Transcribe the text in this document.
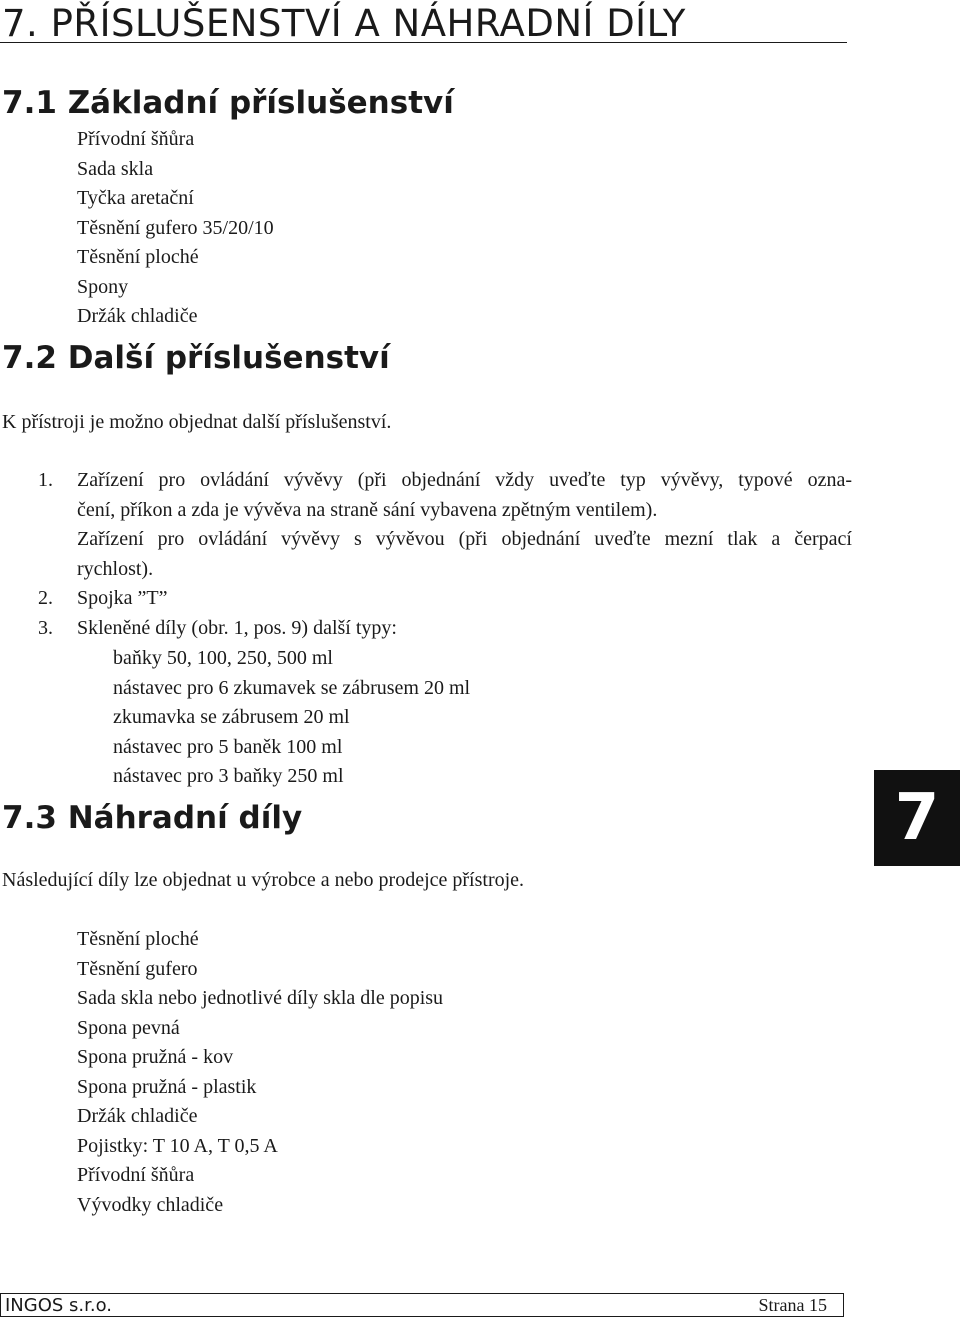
7. PŘÍSLUŠENSTVÍ A NÁHRADNÍ DÍLY
7.1 Základní příslušenství
Přívodní šňůra
Sada skla
Tyčka aretační
Těsnění gufero 35/20/10
Těsnění ploché
Spony
Držák chladiče
7.2 Další příslušenství

K přístroji je možno objednat další příslušenství.

1.	Zařízení pro ovládání vývěvy (při objednání vždy uveďte typ vývěvy, typové ozna-
čení, příkon a zda je vývěva na straně sání vybavena zpětným ventilem).
Zařízení pro ovládání vývěvy s vývěvou (při objednání uveďte mezní tlak a čerpací
rychlost).
2.	Spojka ”T”
3.	Skleněné díly (obr. 1, pos. 9) další typy:
baňky 50, 100, 250, 500 ml
nástavec pro 6 zkumavek se zábrusem 20 ml
zkumavka se zábrusem 20 ml
nástavec pro 5 baněk 100 ml
nástavec pro 3 baňky 250 ml
7.3 Náhradní díly

Následující díly lze objednat u výrobce a nebo prodejce přístroje.

Těsnění ploché
Těsnění gufero
Sada skla nebo jednotlivé díly skla dle popisu
Spona pevná
Spona pružná - kov
Spona pružná - plastik
Držák chladiče
Pojistky: T 10 A, T 0,5 A
Přívodní šňůra
Vývodky chladiče
7
INGOS s.r.o.	Strana 15
